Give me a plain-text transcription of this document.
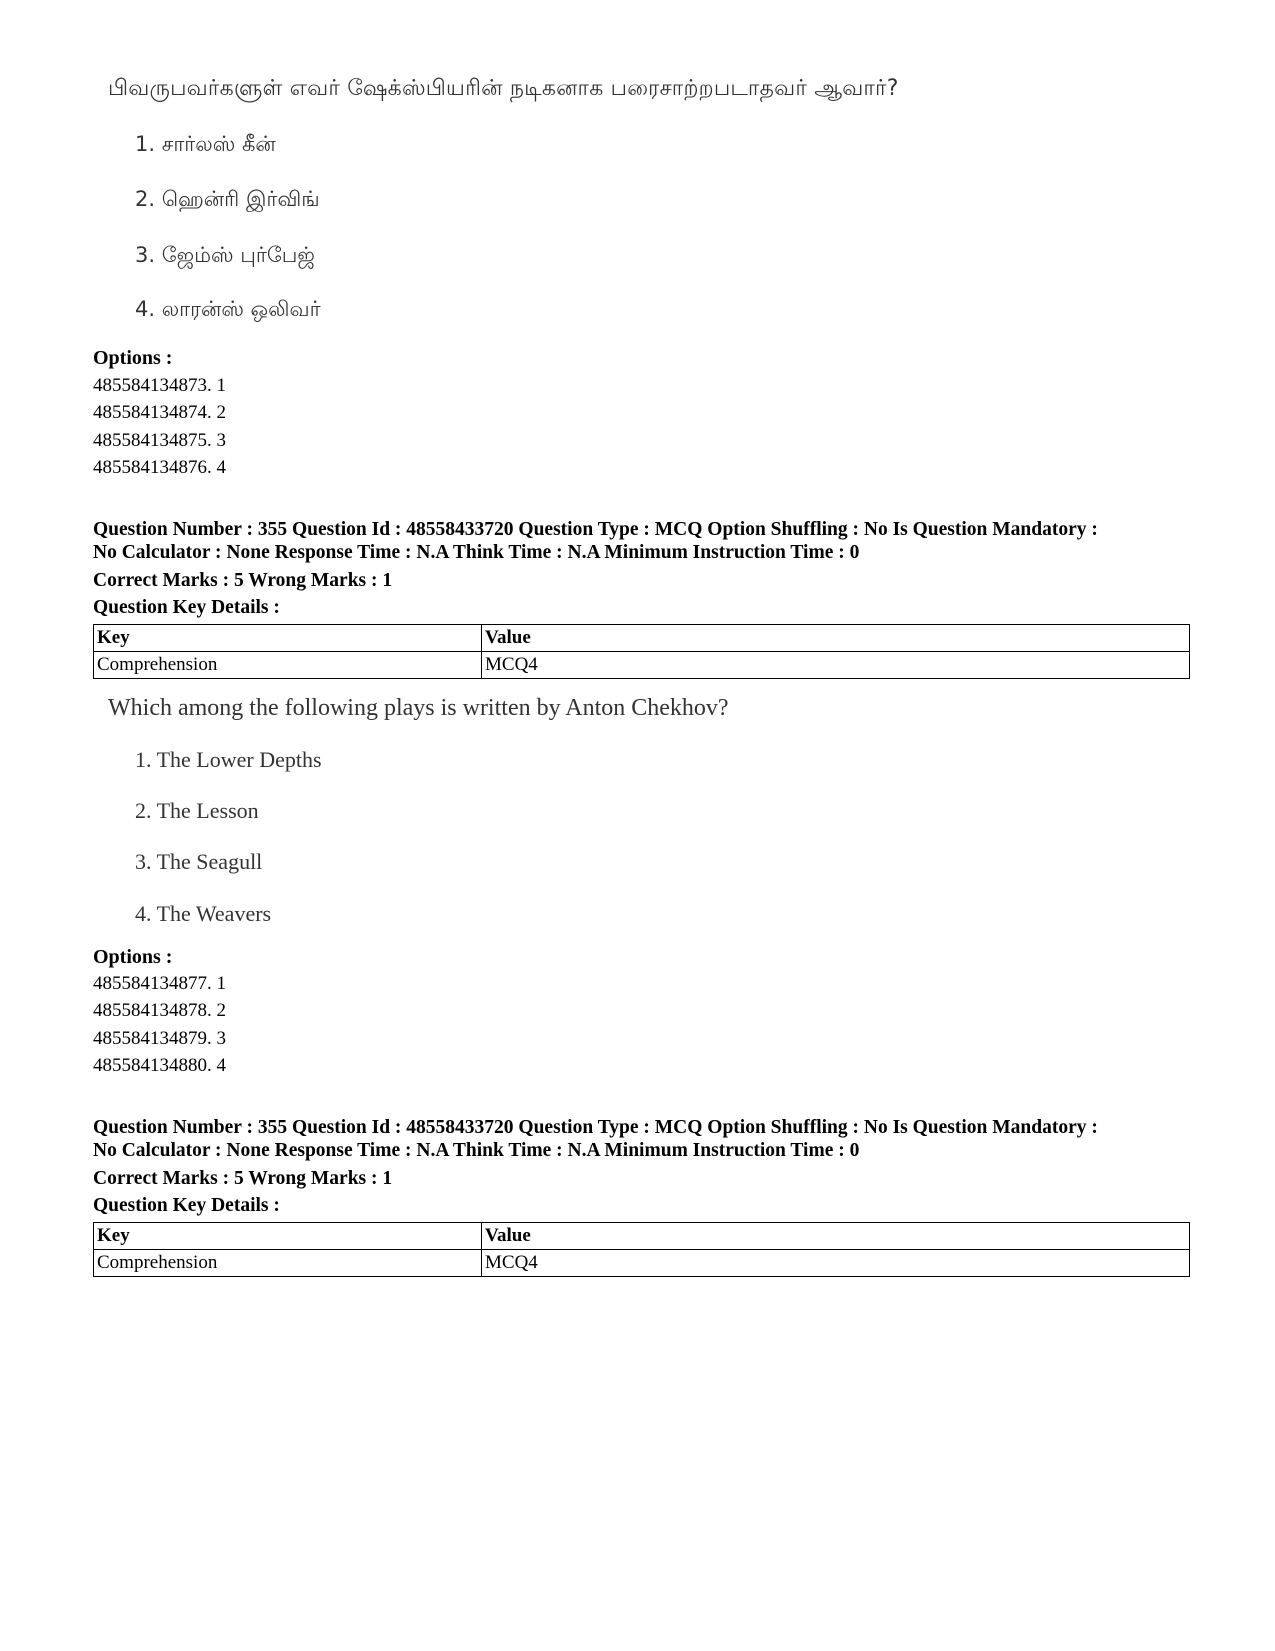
பிவருபவர்களுள் எவர் ஷேக்ஸ்பியரின் நடிகனாக பரைசாற்றபடாதவர் ஆவார்?
1. சார்லஸ் கீன்
2. ஹென்ரி இர்விங்
3. ஜேம்ஸ் புர்பேஜ்
4. லாரன்ஸ் ஒலிவர்
Options :
485584134873. 1
485584134874. 2
485584134875. 3
485584134876. 4
Question Number : 355 Question Id : 48558433720 Question Type : MCQ Option Shuffling : No Is Question Mandatory :
No Calculator : None Response Time : N.A Think Time : N.A Minimum Instruction Time : 0
Correct Marks : 5 Wrong Marks : 1
Question Key Details :
Key	Value
Comprehension	MCQ4
Which among the following plays is written by Anton Chekhov?
1. The Lower Depths
2. The Lesson
3. The Seagull
4. The Weavers
Options :
485584134877. 1
485584134878. 2
485584134879. 3
485584134880. 4
Question Number : 355 Question Id : 48558433720 Question Type : MCQ Option Shuffling : No Is Question Mandatory :
No Calculator : None Response Time : N.A Think Time : N.A Minimum Instruction Time : 0
Correct Marks : 5 Wrong Marks : 1
Question Key Details :
Key	Value
Comprehension	MCQ4
